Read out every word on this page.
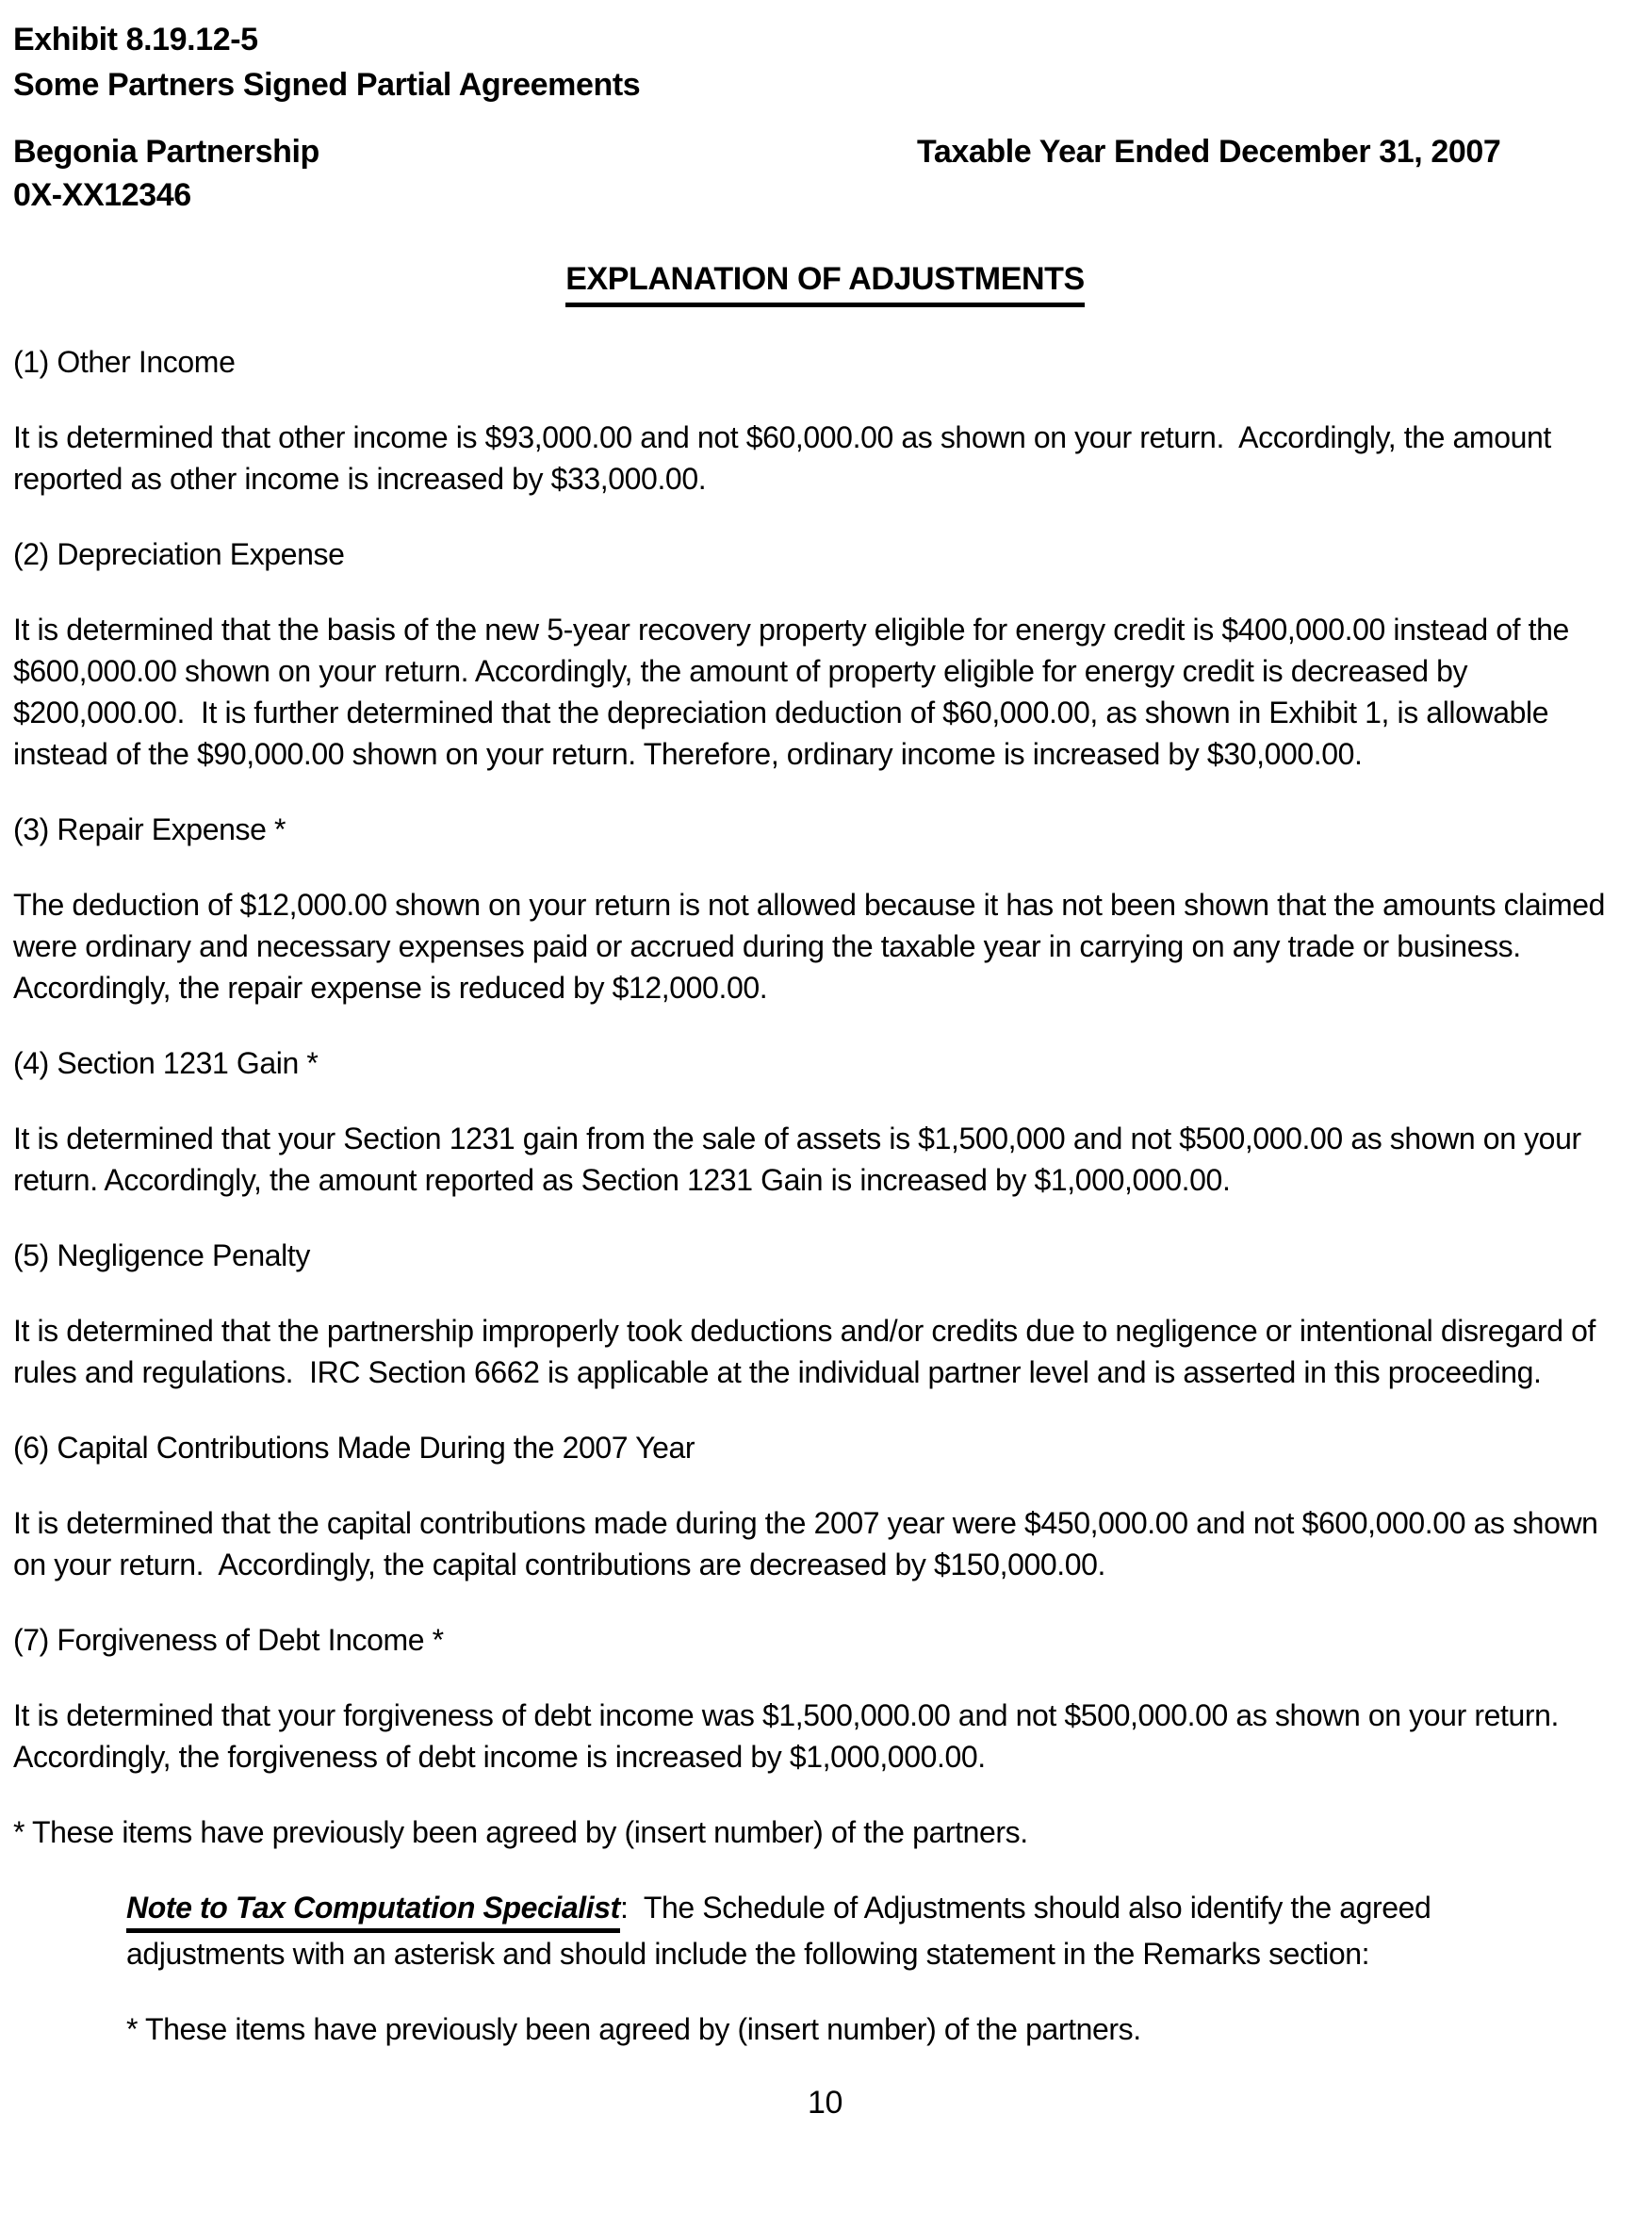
Exhibit 8.19.12-5
Some Partners Signed Partial Agreements
Begonia Partnership
0X-XX12346
Taxable Year Ended December 31, 2007
EXPLANATION OF ADJUSTMENTS

(1) Other Income

It is determined that other income is $93,000.00 and not $60,000.00 as shown on your return.  Accordingly, the amount reported as other income is increased by $33,000.00.

(2) Depreciation Expense

It is determined that the basis of the new 5-year recovery property eligible for energy credit is $400,000.00 instead of the $600,000.00 shown on your return. Accordingly, the amount of property eligible for energy credit is decreased by $200,000.00.  It is further determined that the depreciation deduction of $60,000.00, as shown in Exhibit 1, is allowable instead of the $90,000.00 shown on your return. Therefore, ordinary income is increased by $30,000.00.

(3) Repair Expense *

The deduction of $12,000.00 shown on your return is not allowed because it has not been shown that the amounts claimed were ordinary and necessary expenses paid or accrued during the taxable year in carrying on any trade or business. Accordingly, the repair expense is reduced by $12,000.00.

(4) Section 1231 Gain *

It is determined that your Section 1231 gain from the sale of assets is $1,500,000 and not $500,000.00 as shown on your return. Accordingly, the amount reported as Section 1231 Gain is increased by $1,000,000.00.

(5) Negligence Penalty

It is determined that the partnership improperly took deductions and/or credits due to negligence or intentional disregard of rules and regulations.  IRC Section 6662 is applicable at the individual partner level and is asserted in this proceeding.

(6) Capital Contributions Made During the 2007 Year

It is determined that the capital contributions made during the 2007 year were $450,000.00 and not $600,000.00 as shown on your return.  Accordingly, the capital contributions are decreased by $150,000.00.

(7) Forgiveness of Debt Income *

It is determined that your forgiveness of debt income was $1,500,000.00 and not $500,000.00 as shown on your return.  Accordingly, the forgiveness of debt income is increased by $1,000,000.00.

* These items have previously been agreed by (insert number) of the partners.

Note to Tax Computation Specialist:  The Schedule of Adjustments should also identify the agreed adjustments with an asterisk and should include the following statement in the Remarks section:

* These items have previously been agreed by (insert number) of the partners.

10
